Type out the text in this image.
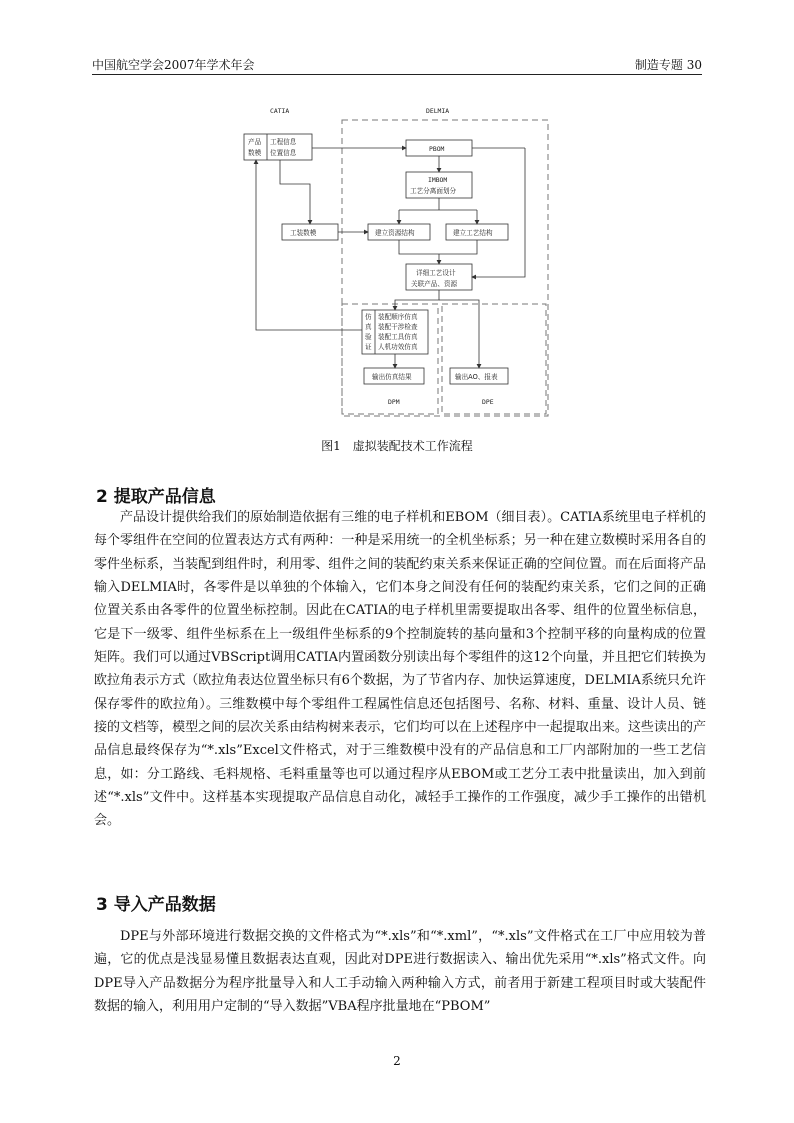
中国航空学会2007年学术年会	制造专题 30
CATIA	DELMIA
产品
数模
工程信息
位置信息	PBOM
IMBOM
工艺分离面划分
工装数模	建立资源结构	建立工艺结构
详细工艺设计
关联产品、资源
仿
真
验
证
装配顺序仿真
装配干涉检查
装配工具仿真
人机功效仿真
输出仿真结果	输出AO、报表
DPM	DPE
图1　虚拟装配技术工作流程
2 提取产品信息

产品设计提供给我们的原始制造依据有三维的电子样机和EBOM（细目表）。CATIA系统里电子样机的每个零组件在空间的位置表达方式有两种：一种是采用统一的全机坐标系；另一种在建立数模时采用各自的零件坐标系，当装配到组件时，利用零、组件之间的装配约束关系来保证正确的空间位置。而在后面将产品输入DELMIA时，各零件是以单独的个体输入，它们本身之间没有任何的装配约束关系，它们之间的正确位置关系由各零件的位置坐标控制。因此在CATIA的电子样机里需要提取出各零、组件的位置坐标信息，它是下一级零、组件坐标系在上一级组件坐标系的9个控制旋转的基向量和3个控制平移的向量构成的位置矩阵。我们可以通过VBScript调用CATIA内置函数分别读出每个零组件的这12个向量，并且把它们转换为欧拉角表示方式（欧拉角表达位置坐标只有6个数据，为了节省内存、加快运算速度，DELMIA系统只允许保存零件的欧拉角）。三维数模中每个零组件工程属性信息还包括图号、名称、材料、重量、设计人员、链接的文档等，模型之间的层次关系由结构树来表示，它们均可以在上述程序中一起提取出来。这些读出的产品信息最终保存为“*.xls”Excel文件格式，对于三维数模中没有的产品信息和工厂内部附加的一些工艺信息，如：分工路线、毛料规格、毛料重量等也可以通过程序从EBOM或工艺分工表中批量读出，加入到前述“*.xls”文件中。这样基本实现提取产品信息自动化，减轻手工操作的工作强度，减少手工操作的出错机会。

3 导入产品数据

DPE与外部环境进行数据交换的文件格式为“*.xls”和“*.xml”，“*.xls”文件格式在工厂中应用较为普遍，它的优点是浅显易懂且数据表达直观，因此对DPE进行数据读入、输出优先采用“*.xls”格式文件。向DPE导入产品数据分为程序批量导入和人工手动输入两种输入方式，前者用于新建工程项目时或大装配件数据的输入，利用用户定制的“导入数据”VBA程序批量地在“PBOM”

2
